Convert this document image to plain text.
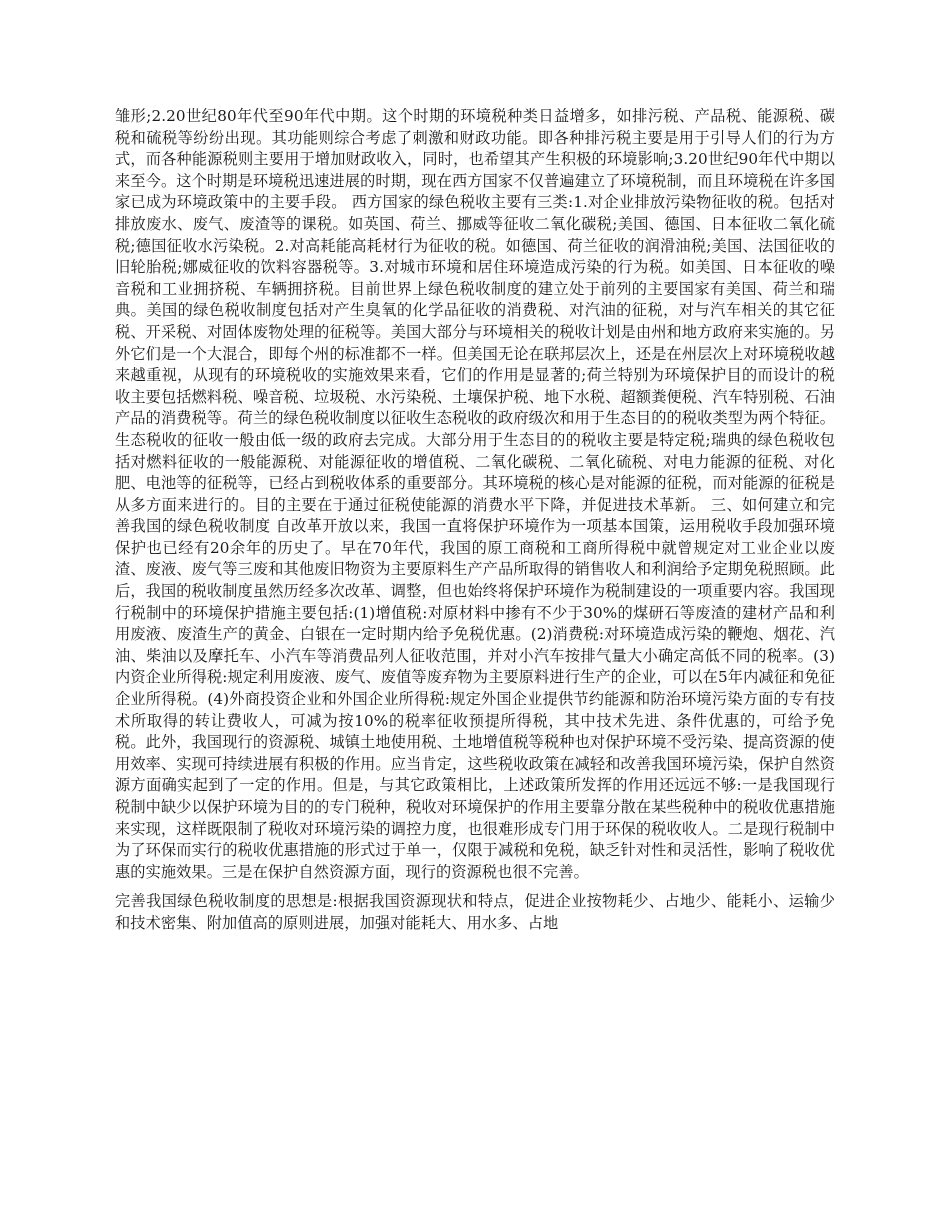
雏形;2.20世纪80年代至90年代中期。这个时期的环境税种类日益增多，如排污税、产品税、能源税、碳税和硫税等纷纷出现。其功能则综合考虑了刺激和财政功能。即各种排污税主要是用于引导人们的行为方式，而各种能源税则主要用于增加财政收入，同时，也希望其产生积极的环境影响;3.20世纪90年代中期以来至今。这个时期是环境税迅速进展的时期，现在西方国家不仅普遍建立了环境税制，而且环境税在许多国家已成为环境政策中的主要手段。 西方国家的绿色税收主要有三类:1.对企业排放污染物征收的税。包括对排放废水、废气、废渣等的课税。如英国、荷兰、挪威等征收二氧化碳税;美国、德国、日本征收二氧化硫税;德国征收水污染税。2.对高耗能高耗材行为征收的税。如德国、荷兰征收的润滑油税;美国、法国征收的旧轮胎税;娜威征收的饮料容器税等。3.对城市环境和居住环境造成污染的行为税。如美国、日本征收的噪音税和工业拥挤税、车辆拥挤税。目前世界上绿色税收制度的建立处于前列的主要国家有美国、荷兰和瑞典。美国的绿色税收制度包括对产生臭氧的化学品征收的消费税、对汽油的征税，对与汽车相关的其它征税、开采税、对固体废物处理的征税等。美国大部分与环境相关的税收计划是由州和地方政府来实施的。另外它们是一个大混合，即每个州的标准都不一样。但美国无论在联邦层次上，还是在州层次上对环境税收越来越重视，从现有的环境税收的实施效果来看，它们的作用是显著的;荷兰特别为环境保护目的而设计的税收主要包括燃料税、噪音税、垃圾税、水污染税、土壤保护税、地下水税、超额粪便税、汽车特别税、石油产品的消费税等。荷兰的绿色税收制度以征收生态税收的政府级次和用于生态目的的税收类型为两个特征。生态税收的征收一般由低一级的政府去完成。大部分用于生态目的的税收主要是特定税;瑞典的绿色税收包括对燃料征收的一般能源税、对能源征收的增值税、二氧化碳税、二氧化硫税、对电力能源的征税、对化肥、电池等的征税等，已经占到税收体系的重要部分。其环境税的核心是对能源的征税，而对能源的征税是从多方面来进行的。目的主要在于通过征税使能源的消费水平下降，并促进技术革新。 三、如何建立和完善我国的绿色税收制度 自改革开放以来，我国一直将保护环境作为一项基本国策，运用税收手段加强环境保护也已经有20余年的历史了。早在70年代，我国的原工商税和工商所得税中就曾规定对工业企业以废渣、废液、废气等三废和其他废旧物资为主要原料生产产品所取得的销售收人和利润给予定期免税照顾。此后，我国的税收制度虽然历经多次改革、调整，但也始终将保护环境作为税制建设的一项重要内容。我国现行税制中的环境保护措施主要包括:(1)增值税:对原材料中掺有不少于30%的煤研石等废渣的建材产品和利用废液、废渣生产的黄金、白银在一定时期内给予免税优惠。(2)消费税:对环境造成污染的鞭炮、烟花、汽油、柴油以及摩托车、小汽车等消费品列人征收范围，并对小汽车按排气量大小确定高低不同的税率。(3)内资企业所得税:规定利用废液、废气、废值等废弃物为主要原料进行生产的企业，可以在5年内减征和免征企业所得税。(4)外商投资企业和外国企业所得税:规定外国企业提供节约能源和防治环境污染方面的专有技术所取得的转让费收人，可减为按10%的税率征收预提所得税，其中技术先进、条件优惠的，可给予免税。此外，我国现行的资源税、城镇土地使用税、土地增值税等税种也对保护环境不受污染、提高资源的使用效率、实现可持续进展有积极的作用。应当肯定，这些税收政策在减轻和改善我国环境污染，保护自然资源方面确实起到了一定的作用。但是，与其它政策相比，上述政策所发挥的作用还远远不够:一是我国现行税制中缺少以保护环境为目的的专门税种，税收对环境保护的作用主要靠分散在某些税种中的税收优惠措施来实现，这样既限制了税收对环境污染的调控力度，也很难形成专门用于环保的税收收人。二是现行税制中为了环保而实行的税收优惠措施的形式过于单一，仅限于减税和免税，缺乏针对性和灵活性，影响了税收优惠的实施效果。三是在保护自然资源方面，现行的资源税也很不完善。

完善我国绿色税收制度的思想是:根据我国资源现状和特点，促进企业按物耗少、占地少、能耗小、运输少和技术密集、附加值高的原则进展，加强对能耗大、用水多、占地
